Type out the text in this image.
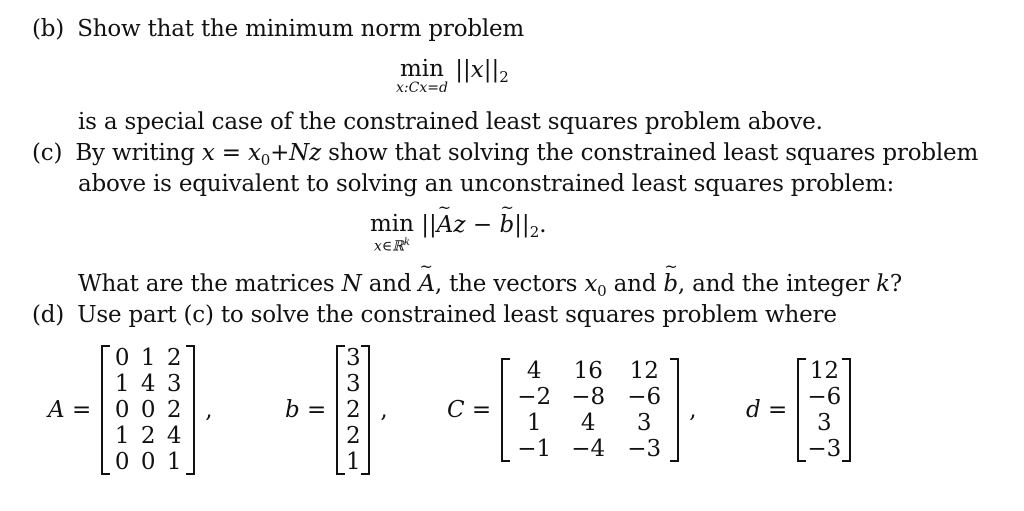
(b) Show that the minimum norm problem
min
x:Cx=d
$||x||_2$
is a special case of the constrained least squares problem above.
(c) By writing $x = x_0+Nz$ show that solving the constrained least squares problem
above is equivalent to solving an unconstrained least squares problem:
min
x∈ℝ$^k$
||~ Az − ~ $b||_2$.
What are the matrices N and ~ A, the vectors $x_0$ and ~ b, and the integer k?
(d) Use part (c) to solve the constrained least squares problem where
A =
0 1 2
1 4 3
0 0 2
1 2 4
0 0 1
,	b =
3
3
2
2
1
,	C =
4	16	12
−2 −8 −6
1	4	3
−1 −4 −3
, d =
12
−6
3
−3
